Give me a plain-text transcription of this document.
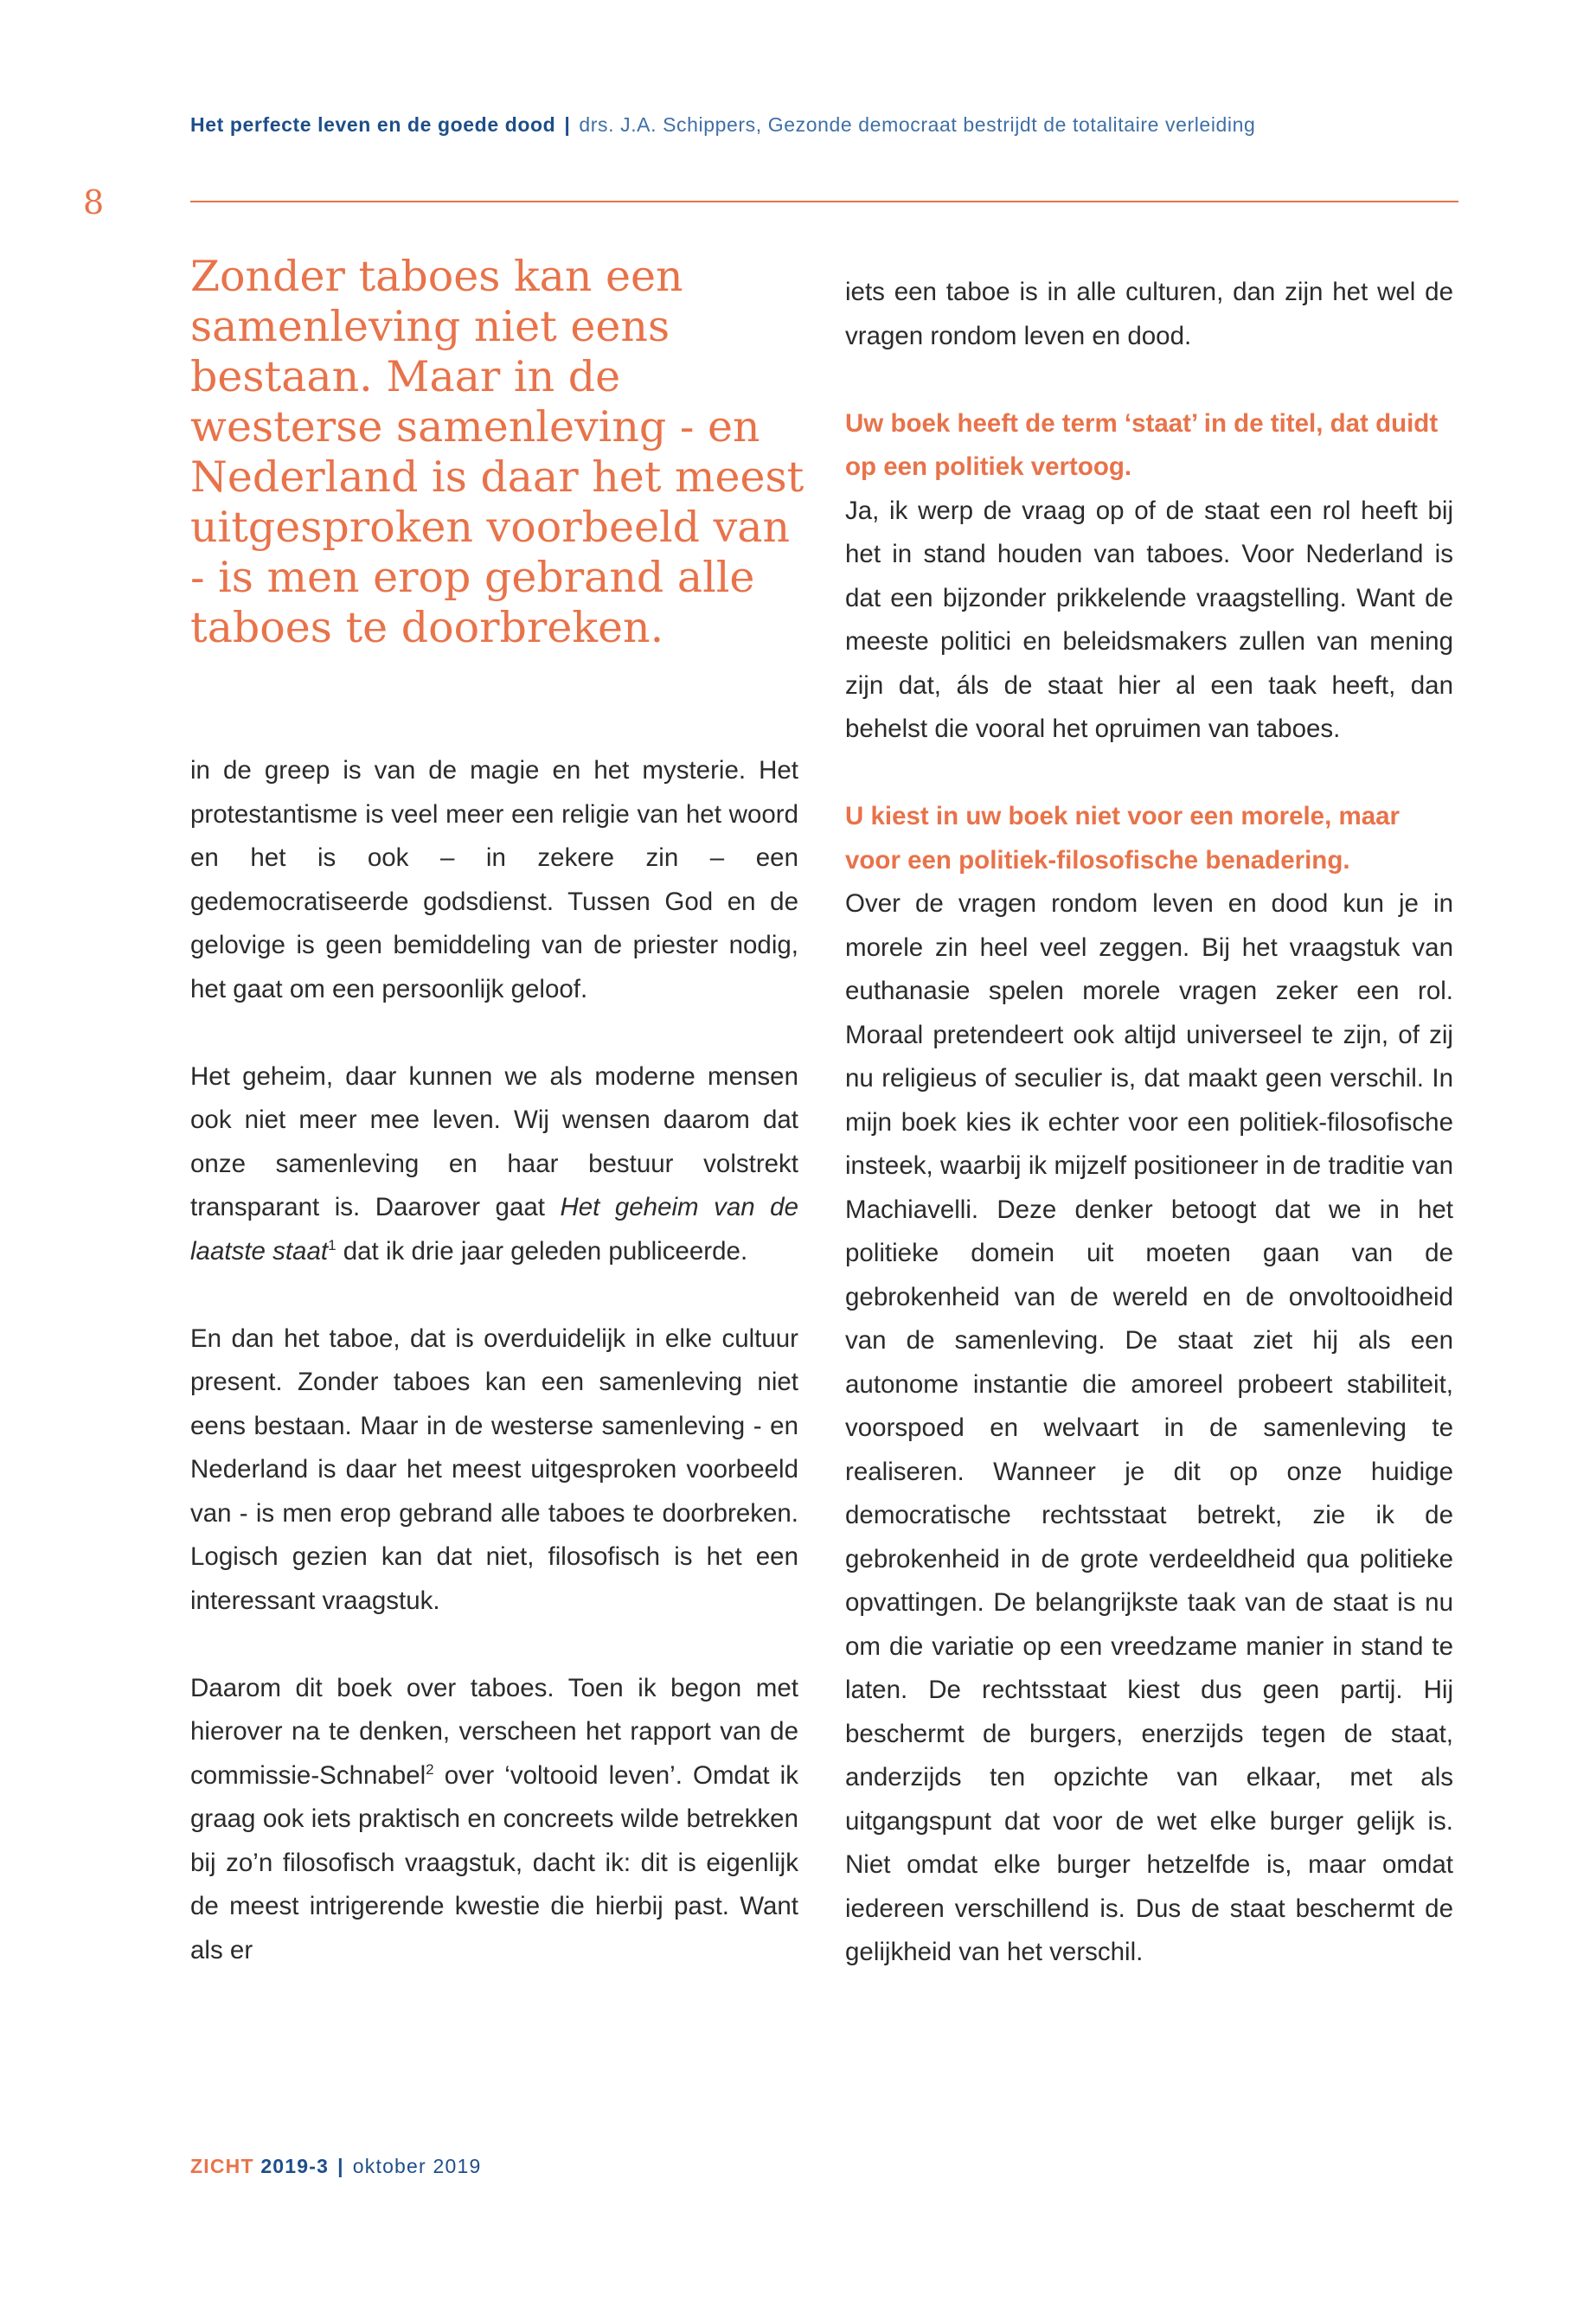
Het perfecte leven en de goede dood | drs. J.A. Schippers, Gezonde democraat bestrijdt de totalitaire verleiding
8
Zonder taboes kan een samenleving niet eens bestaan. Maar in de westerse samenleving - en Nederland is daar het meest uitgesproken voorbeeld van - is men erop gebrand alle taboes te doorbreken.

in de greep is van de magie en het mysterie. Het protestantisme is veel meer een religie van het woord en het is ook – in zekere zin – een gedemocratiseerde godsdienst. Tussen God en de gelovige is geen bemiddeling van de priester nodig, het gaat om een persoonlijk geloof.

Het geheim, daar kunnen we als moderne mensen ook niet meer mee leven. Wij wensen daarom dat onze samenleving en haar bestuur volstrekt transparant is. Daarover gaat Het geheim van de laatste staat$^1$ dat ik drie jaar geleden publiceerde.

En dan het taboe, dat is overduidelijk in elke cultuur present. Zonder taboes kan een samenleving niet eens bestaan. Maar in de westerse samenleving - en Nederland is daar het meest uitgesproken voorbeeld van - is men erop gebrand alle taboes te doorbreken. Logisch gezien kan dat niet, filosofisch is het een interessant vraagstuk.

Daarom dit boek over taboes. Toen ik begon met hierover na te denken, verscheen het rapport van de commissie-Schnabel$^2$ over ‘voltooid leven’. Omdat ik graag ook iets praktisch en concreets wilde betrekken bij zo’n filosofisch vraagstuk, dacht ik: dit is eigenlijk de meest intrigerende kwestie die hierbij past. Want als er

iets een taboe is in alle culturen, dan zijn het wel de vragen rondom leven en dood.

Uw boek heeft de term ‘staat’ in de titel, dat duidt op een politiek vertoog.
Ja, ik werp de vraag op of de staat een rol heeft bij het in stand houden van taboes. Voor Nederland is dat een bijzonder prikkelende vraagstelling. Want de meeste politici en beleidsmakers zullen van mening zijn dat, áls de staat hier al een taak heeft, dan behelst die vooral het opruimen van taboes.

U kiest in uw boek niet voor een morele, maar voor een politiek-filosofische benadering.
Over de vragen rondom leven en dood kun je in morele zin heel veel zeggen. Bij het vraagstuk van euthanasie spelen morele vragen zeker een rol. Moraal pretendeert ook altijd universeel te zijn, of zij nu religieus of seculier is, dat maakt geen verschil. In mijn boek kies ik echter voor een politiek-filosofische insteek, waarbij ik mijzelf positioneer in de traditie van Machiavelli. Deze denker betoogt dat we in het politieke domein uit moeten gaan van de gebrokenheid van de wereld en de onvoltooidheid van de samenleving. De staat ziet hij als een autonome instantie die amoreel probeert stabiliteit, voorspoed en welvaart in de samenleving te realiseren. Wanneer je dit op onze huidige democratische rechtsstaat betrekt, zie ik de gebrokenheid in de grote verdeeldheid qua politieke opvattingen. De belangrijkste taak van de staat is nu om die variatie op een vreedzame manier in stand te laten. De rechtsstaat kiest dus geen partij. Hij beschermt de burgers, enerzijds tegen de staat, anderzijds ten opzichte van elkaar, met als uitgangspunt dat voor de wet elke burger gelijk is. Niet omdat elke burger hetzelfde is, maar omdat iedereen verschillend is. Dus de staat beschermt de gelijkheid van het verschil.

ZICHT 2019-3 | oktober 2019
